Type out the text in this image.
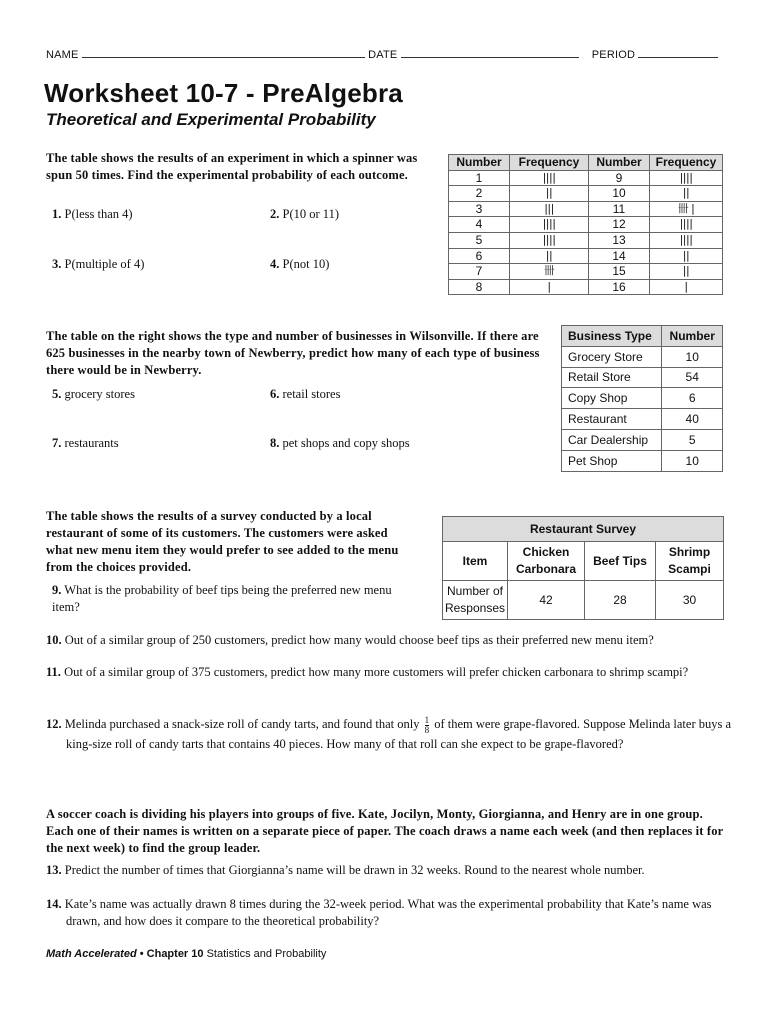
NAME	DATE	PERIOD
Worksheet 10-7 - PreAlgebra
Theoretical and Experimental Probability
The table shows the results of an experiment in which a spinner was spun 50 times. Find the experimental probability of each outcome.
1. P(less than 4)	2. P(10 or 11)
3. P(multiple of 4)	4. P(not 10)
Number	Frequency	Number	Frequency
1	||||	9	||||
2	||	10	||
3	|||	11	卌 |
4	||||	12	||||
5	||||	13	||||
6	||	14	||
7	卌	15	||
8	|	16	|
The table on the right shows the type and number of businesses in Wilsonville. If there are 625 businesses in the nearby town of Newberry, predict how many of each type of business there would be in Newberry.
5. grocery stores	6. retail stores
7. restaurants	8. pet shops and copy shops
Business Type	Number
Grocery Store	10
Retail Store	54
Copy Shop	6
Restaurant	40
Car Dealership	5
Pet Shop	10
The table shows the results of a survey conducted by a local restaurant of some of its customers. The customers were asked what new menu item they would prefer to see added to the menu from the choices provided.
9. What is the probability of beef tips being the preferred new menu item?
Restaurant Survey			
Item	Chicken Carbonara	Beef Tips	Shrimp Scampi
Number of Responses	42	28	30
10. Out of a similar group of 250 customers, predict how many would choose beef tips as their preferred new menu item?
11. Out of a similar group of 375 customers, predict how many more customers will prefer chicken carbonara to shrimp scampi?
12. Melinda purchased a snack-size roll of candy tarts, and found that only $\frac{1}{8}$ of them were grape-flavored. Suppose Melinda later buys a king-size roll of candy tarts that contains 40 pieces. How many of that roll can she expect to be grape-flavored?
A soccer coach is dividing his players into groups of five. Kate, Jocilyn, Monty, Giorgianna, and Henry are in one group. Each one of their names is written on a separate piece of paper. The coach draws a name each week (and then replaces it for the next week) to find the group leader.
13. Predict the number of times that Giorgianna’s name will be drawn in 32 weeks. Round to the nearest whole number.
14. Kate’s name was actually drawn 8 times during the 32-week period. What was the experimental probability that Kate’s name was drawn, and how does it compare to the theoretical probability?
Math Accelerated • Chapter 10 Statistics and Probability
